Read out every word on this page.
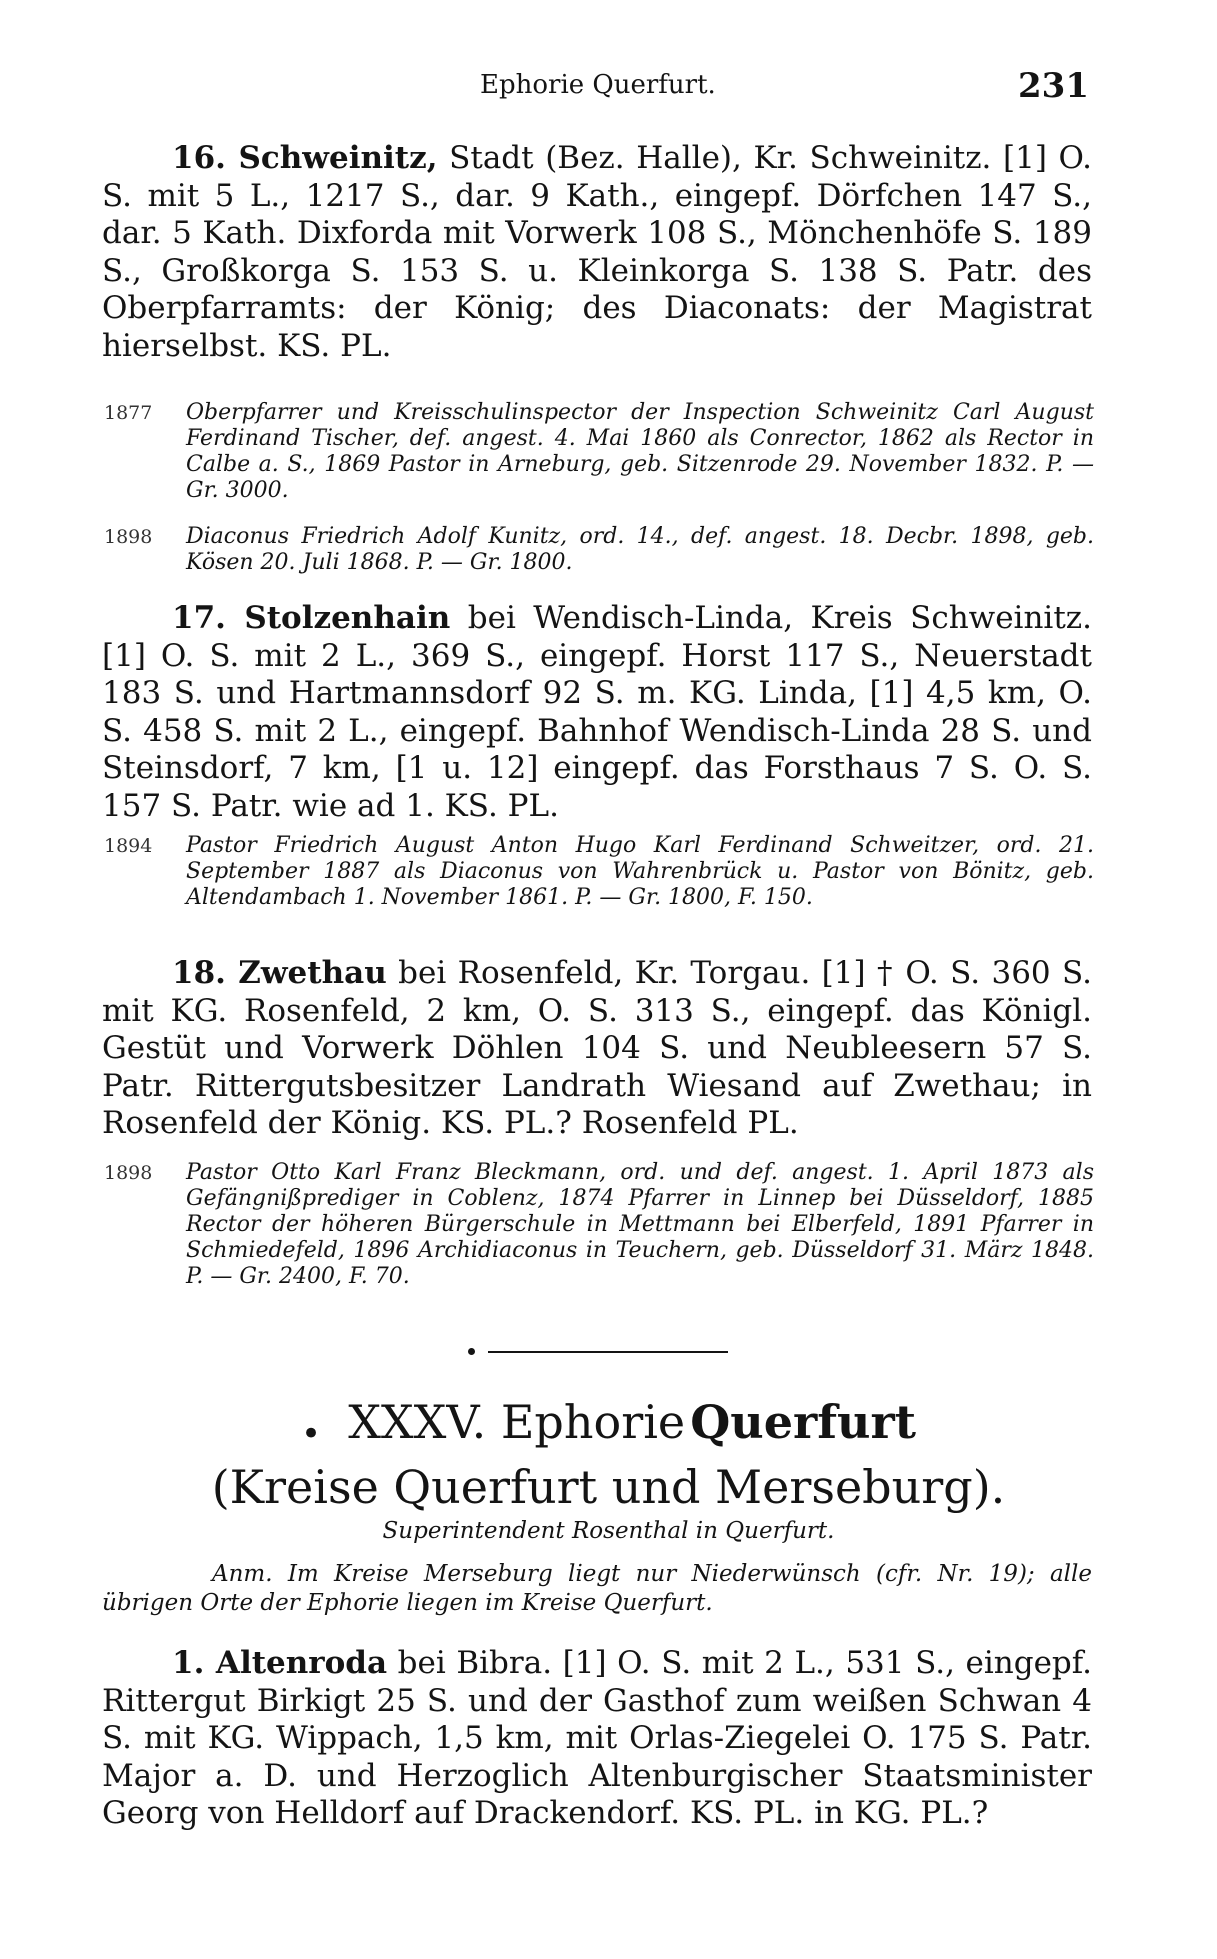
Ephorie Querfurt.	231
16. Schweinitz, Stadt (Bez. Halle), Kr. Schweinitz. [1] O. S. mit 5 L., 1217 S., dar. 9 Kath., eingepf. Dörfchen 147 S., dar. 5 Kath. Dixforda mit Vorwerk 108 S., Mönchenhöfe S. 189 S., Großkorga S. 153 S. u. Kleinkorga S. 138 S. Patr. des Oberpfarramts: der König; des Diaconats: der Magistrat hierselbst. KS. PL.
1877	Oberpfarrer und Kreisschulinspector der Inspection Schweinitz Carl August Ferdinand Tischer, def. angest. 4. Mai 1860 als Conrector, 1862 als Rector in Calbe a. S., 1869 Pastor in Arneburg, geb. Sitzenrode 29. November 1832. P. — Gr. 3000.
1898	Diaconus Friedrich Adolf Kunitz, ord. 14., def. angest. 18. Decbr. 1898, geb. Kösen 20. Juli 1868. P. — Gr. 1800.
17. Stolzenhain bei Wendisch-Linda, Kreis Schweinitz. [1] O. S. mit 2 L., 369 S., eingepf. Horst 117 S., Neuerstadt 183 S. und Hartmannsdorf 92 S. m. KG. Linda, [1] 4,5 km, O. S. 458 S. mit 2 L., eingepf. Bahnhof Wendisch-Linda 28 S. und Steinsdorf, 7 km, [1 u. 12] eingepf. das Forsthaus 7 S. O. S. 157 S. Patr. wie ad 1. KS. PL.
1894	Pastor Friedrich August Anton Hugo Karl Ferdinand Schweitzer, ord. 21. September 1887 als Diaconus von Wahrenbrück u. Pastor von Bönitz, geb. Altendambach 1. November 1861. P. — Gr. 1800, F. 150.
18. Zwethau bei Rosenfeld, Kr. Torgau. [1] † O. S. 360 S. mit KG. Rosenfeld, 2 km, O. S. 313 S., eingepf. das Königl. Gestüt und Vorwerk Döhlen 104 S. und Neubleesern 57 S. Patr. Rittergutsbesitzer Landrath Wiesand auf Zwethau; in Rosenfeld der König. KS. PL.? Rosenfeld PL.
1898	Pastor Otto Karl Franz Bleckmann, ord. und def. angest. 1. April 1873 als Gefängnißprediger in Coblenz, 1874 Pfarrer in Linnep bei Düsseldorf, 1885 Rector der höheren Bürgerschule in Mettmann bei Elberfeld, 1891 Pfarrer in Schmiedefeld, 1896 Archidiaconus in Teuchern, geb. Düsseldorf 31. März 1848. P. — Gr. 2400, F. 70.
• XXXV. Ephorie Querfurt
(Kreise Querfurt und Merseburg).
Superintendent Rosenthal in Querfurt.
Anm. Im Kreise Merseburg liegt nur Niederwünsch (cfr. Nr. 19); alle übrigen Orte der Ephorie liegen im Kreise Querfurt.
1. Altenroda bei Bibra. [1] O. S. mit 2 L., 531 S., eingepf. Rittergut Birkigt 25 S. und der Gasthof zum weißen Schwan 4 S. mit KG. Wippach, 1,5 km, mit Orlas-Ziegelei O. 175 S. Patr. Major a. D. und Herzoglich Altenburgischer Staatsminister Georg von Helldorf auf Drackendorf. KS. PL. in KG. PL.?
